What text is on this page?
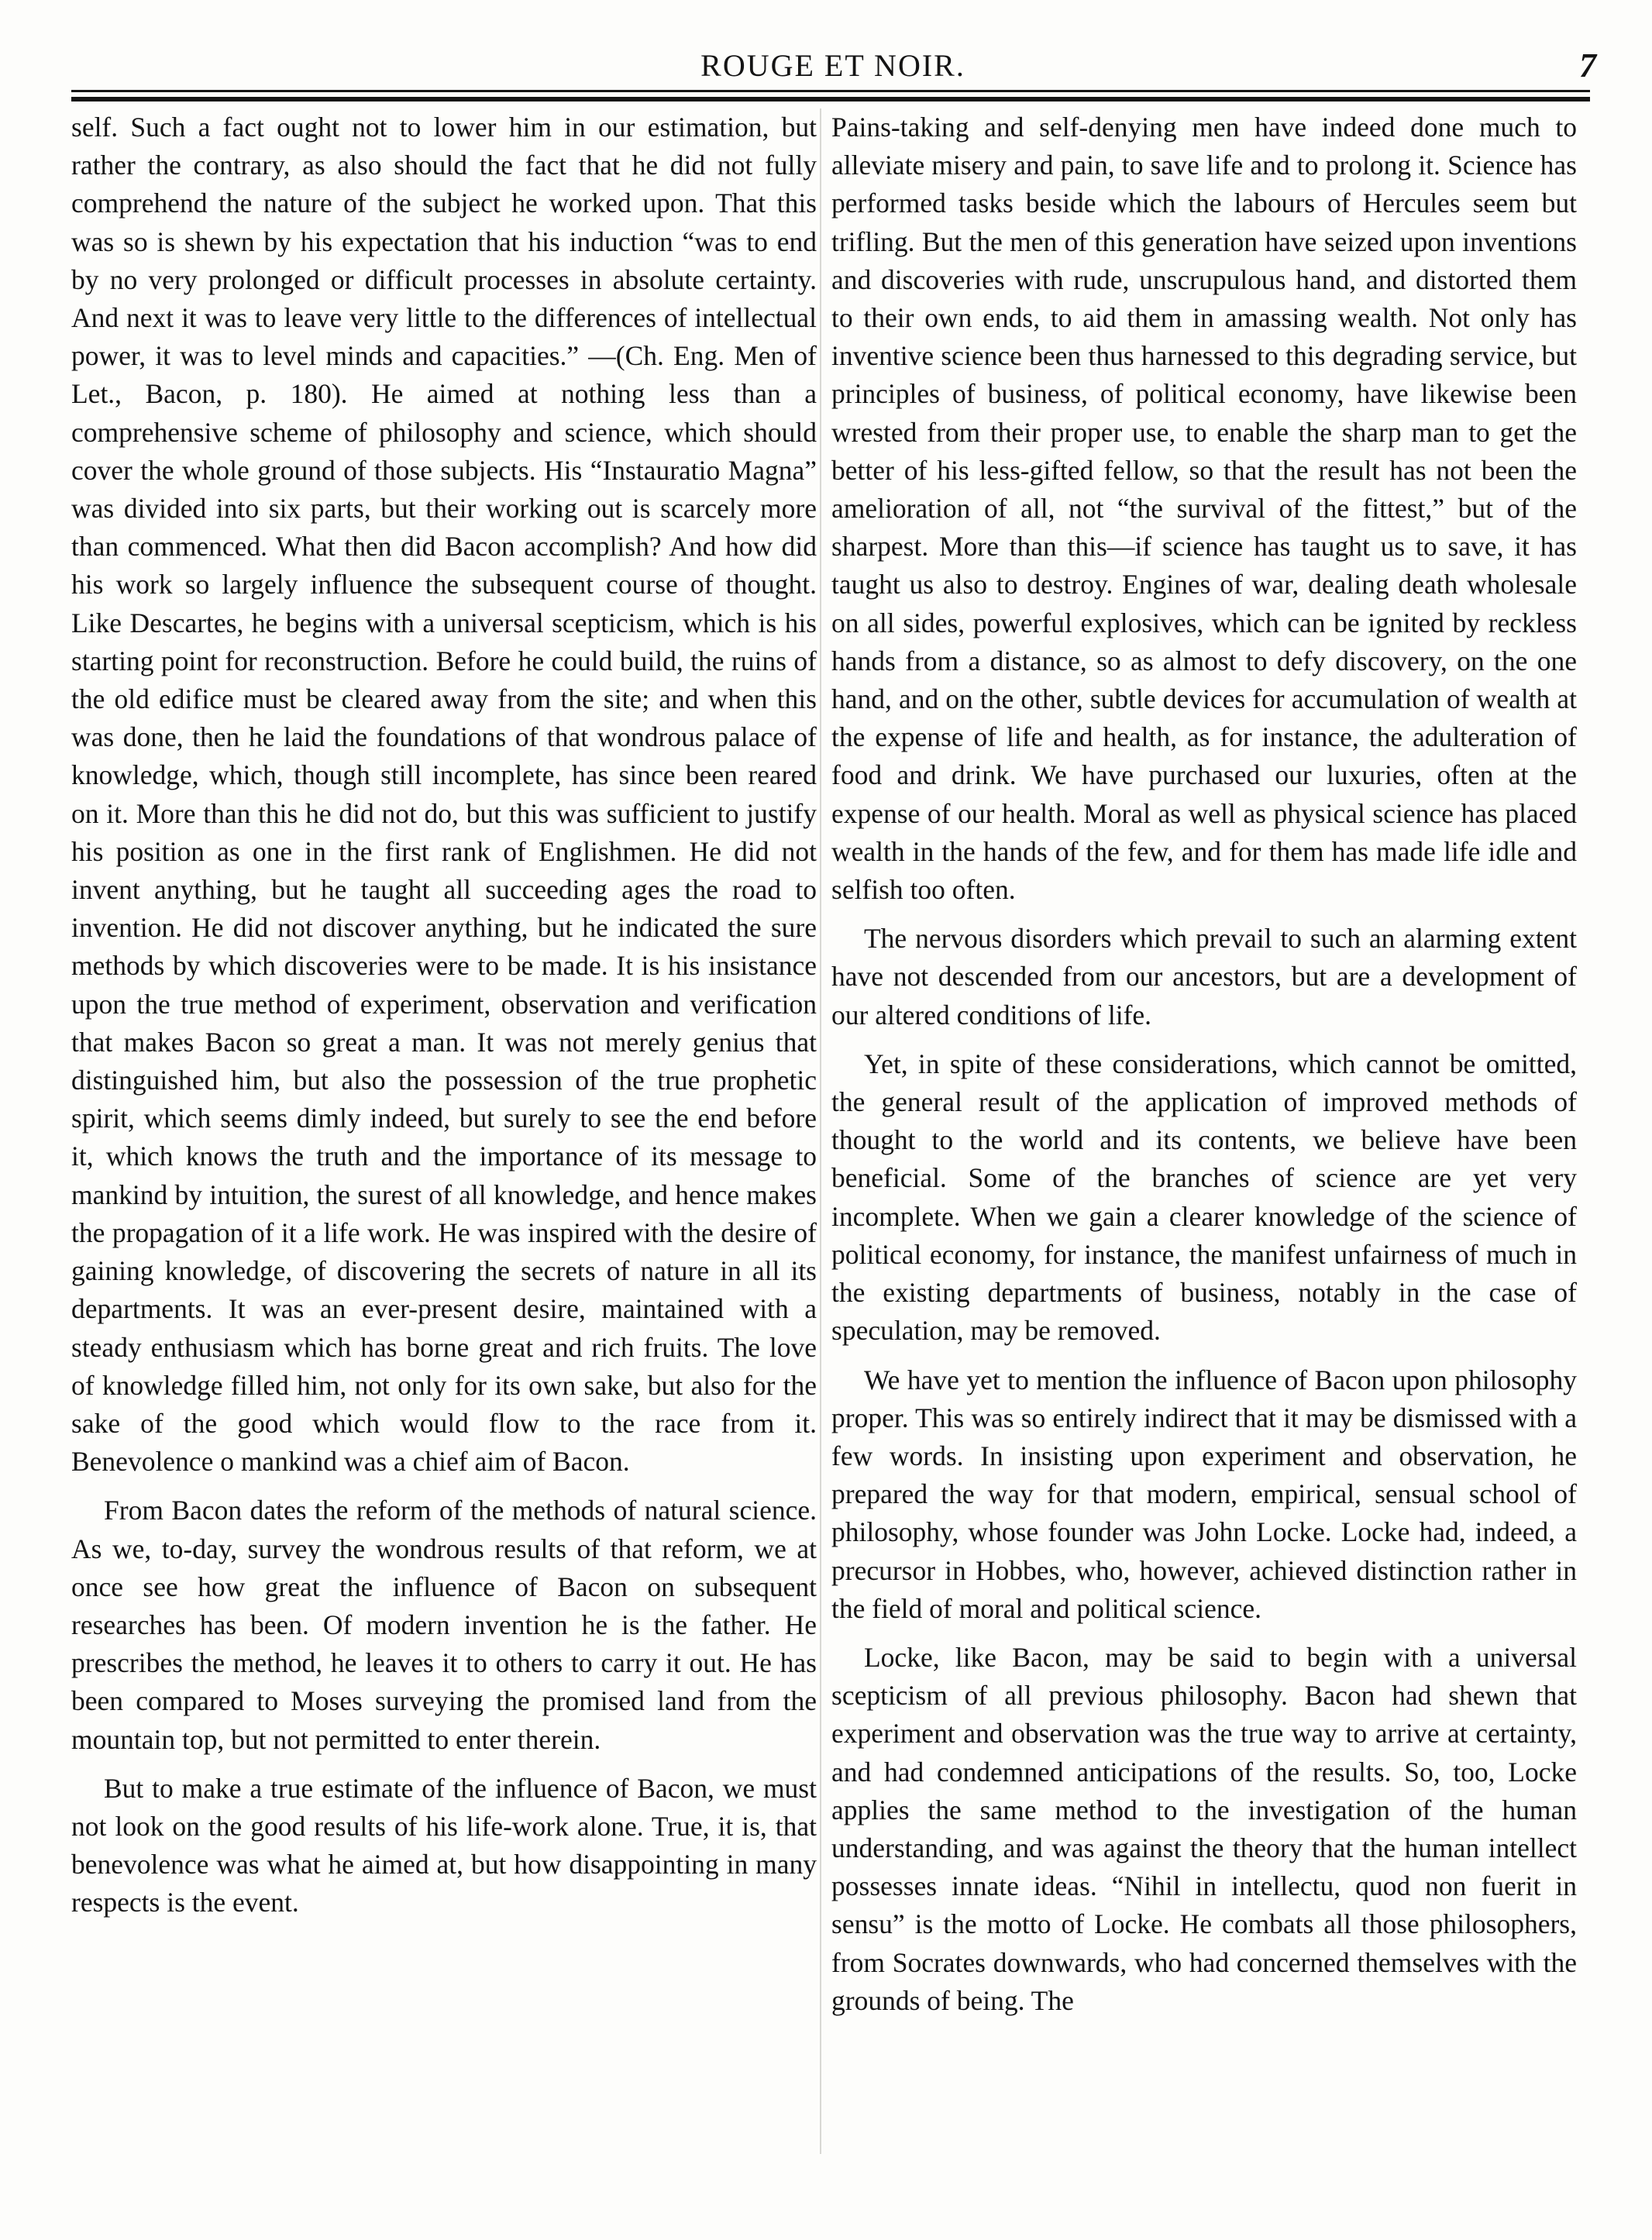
ROUGE ET NOIR.	7

self. Such a fact ought not to lower him in our estimation, but rather the contrary, as also should the fact that he did not fully comprehend the nature of the subject he worked upon. That this was so is shewn by his expectation that his induction “was to end by no very prolonged or difficult processes in absolute certainty. And next it was to leave very little to the differences of intellectual power, it was to level minds and capacities.” —(Ch. Eng. Men of Let., Bacon, p. 180). He aimed at nothing less than a comprehensive scheme of philosophy and science, which should cover the whole ground of those subjects. His “Instauratio Magna” was divided into six parts, but their working out is scarcely more than commenced. What then did Bacon accomplish? And how did his work so largely influence the subsequent course of thought. Like Descartes, he begins with a universal scepticism, which is his starting point for reconstruction. Before he could build, the ruins of the old edifice must be cleared away from the site; and when this was done, then he laid the foundations of that wondrous palace of knowledge, which, though still incomplete, has since been reared on it. More than this he did not do, but this was sufficient to justify his position as one in the first rank of Englishmen. He did not invent anything, but he taught all succeeding ages the road to invention. He did not discover anything, but he indicated the sure methods by which discoveries were to be made. It is his insistance upon the true method of experiment, observation and verification that makes Bacon so great a man. It was not merely genius that distinguished him, but also the possession of the true prophetic spirit, which seems dimly indeed, but surely to see the end before it, which knows the truth and the importance of its message to mankind by intuition, the surest of all knowledge, and hence makes the propagation of it a life work. He was inspired with the desire of gaining knowledge, of discovering the secrets of nature in all its departments. It was an ever-present desire, maintained with a steady enthusiasm which has borne great and rich fruits. The love of knowledge filled him, not only for its own sake, but also for the sake of the good which would flow to the race from it. Benevolence o mankind was a chief aim of Bacon.

From Bacon dates the reform of the methods of natural science. As we, to-day, survey the wondrous results of that reform, we at once see how great the influence of Bacon on subsequent researches has been. Of modern invention he is the father. He prescribes the method, he leaves it to others to carry it out. He has been compared to Moses surveying the promised land from the mountain top, but not permitted to enter therein.

But to make a true estimate of the influence of Bacon, we must not look on the good results of his life-work alone. True, it is, that benevolence was what he aimed at, but how disappointing in many respects is the event.

Pains-taking and self-denying men have indeed done much to alleviate misery and pain, to save life and to prolong it. Science has performed tasks beside which the labours of Hercules seem but trifling. But the men of this generation have seized upon inventions and discoveries with rude, unscrupulous hand, and distorted them to their own ends, to aid them in amassing wealth. Not only has inventive science been thus harnessed to this degrading service, but principles of business, of political economy, have likewise been wrested from their proper use, to enable the sharp man to get the better of his less-gifted fellow, so that the result has not been the amelioration of all, not “the survival of the fittest,” but of the sharpest. More than this—if science has taught us to save, it has taught us also to destroy. Engines of war, dealing death wholesale on all sides, powerful explosives, which can be ignited by reckless hands from a distance, so as almost to defy discovery, on the one hand, and on the other, subtle devices for accumulation of wealth at the expense of life and health, as for instance, the adulteration of food and drink. We have purchased our luxuries, often at the expense of our health. Moral as well as physical science has placed wealth in the hands of the few, and for them has made life idle and selfish too often.

The nervous disorders which prevail to such an alarming extent have not descended from our ancestors, but are a development of our altered conditions of life.

Yet, in spite of these considerations, which cannot be omitted, the general result of the application of improved methods of thought to the world and its contents, we believe have been beneficial. Some of the branches of science are yet very incomplete. When we gain a clearer knowledge of the science of political economy, for instance, the manifest unfairness of much in the existing departments of business, notably in the case of speculation, may be removed.

We have yet to mention the influence of Bacon upon philosophy proper. This was so entirely indirect that it may be dismissed with a few words. In insisting upon experiment and observation, he prepared the way for that modern, empirical, sensual school of philosophy, whose founder was John Locke. Locke had, indeed, a precursor in Hobbes, who, however, achieved distinction rather in the field of moral and political science.

Locke, like Bacon, may be said to begin with a universal scepticism of all previous philosophy. Bacon had shewn that experiment and observation was the true way to arrive at certainty, and had condemned anticipations of the results. So, too, Locke applies the same method to the investigation of the human understanding, and was against the theory that the human intellect possesses innate ideas. “Nihil in intellectu, quod non fuerit in sensu” is the motto of Locke. He combats all those philosophers, from Socrates downwards, who had concerned themselves with the grounds of being. The
